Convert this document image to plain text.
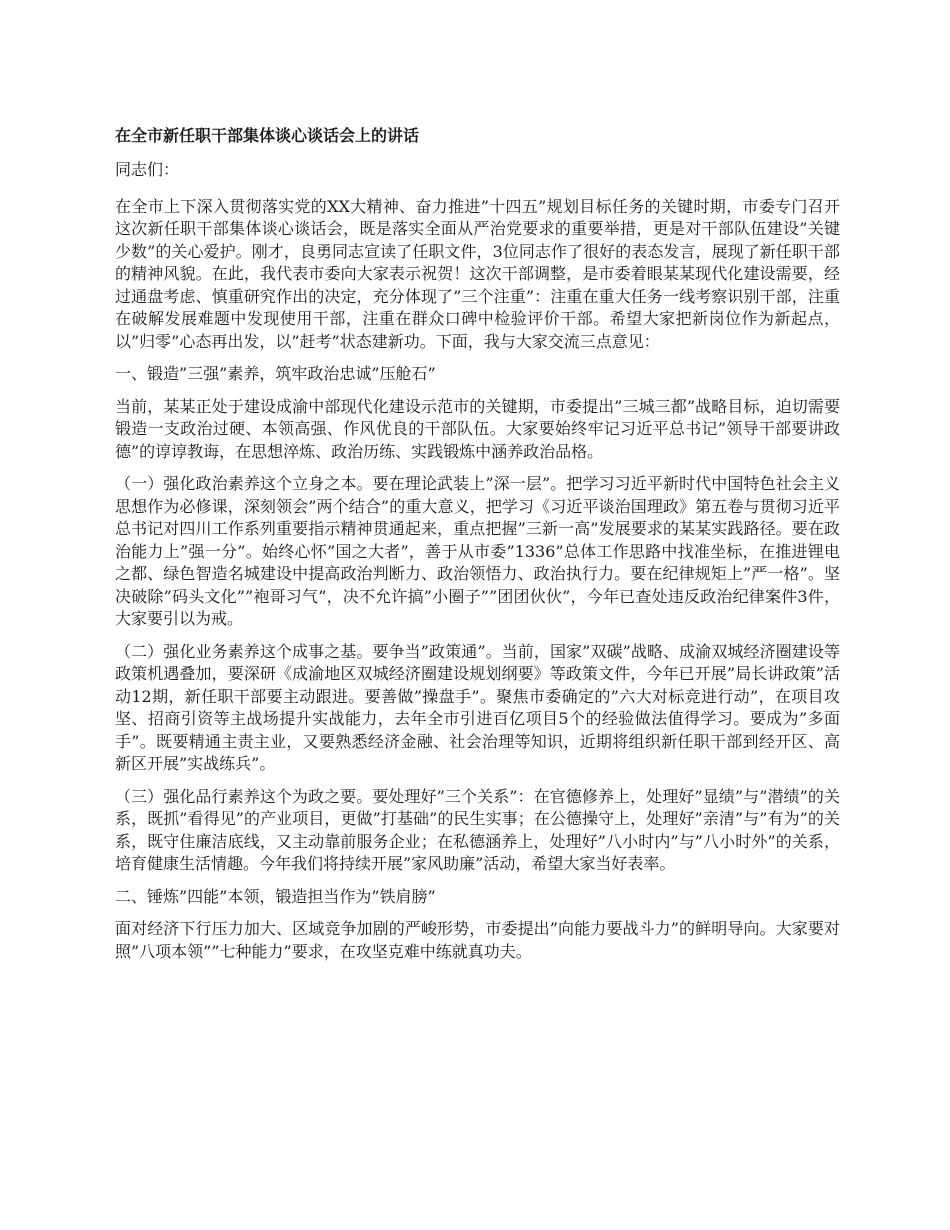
在全市新任职干部集体谈心谈话会上的讲话
同志们：
在全市上下深入贯彻落实党的XX大精神、奋力推进”十四五”规划目标任务的关键时期，市委专门召开这次新任职干部集体谈心谈话会，既是落实全面从严治党要求的重要举措，更是对干部队伍建设”关键少数”的关心爱护。刚才，良勇同志宣读了任职文件，3位同志作了很好的表态发言，展现了新任职干部的精神风貌。在此，我代表市委向大家表示祝贺！这次干部调整，是市委着眼某某现代化建设需要，经过通盘考虑、慎重研究作出的决定，充分体现了”三个注重”：注重在重大任务一线考察识别干部，注重在破解发展难题中发现使用干部，注重在群众口碑中检验评价干部。希望大家把新岗位作为新起点，以”归零”心态再出发，以”赶考”状态建新功。下面，我与大家交流三点意见：
一、锻造”三强”素养，筑牢政治忠诚”压舱石”
当前，某某正处于建设成渝中部现代化建设示范市的关键期，市委提出”三城三都”战略目标，迫切需要锻造一支政治过硬、本领高强、作风优良的干部队伍。大家要始终牢记习近平总书记”领导干部要讲政德”的谆谆教诲，在思想淬炼、政治历练、实践锻炼中涵养政治品格。
（一）强化政治素养这个立身之本。要在理论武装上”深一层”。把学习习近平新时代中国特色社会主义思想作为必修课，深刻领会”两个结合”的重大意义，把学习《习近平谈治国理政》第五卷与贯彻习近平总书记对四川工作系列重要指示精神贯通起来，重点把握”三新一高”发展要求的某某实践路径。要在政治能力上”强一分”。始终心怀”国之大者”，善于从市委”1336”总体工作思路中找准坐标，在推进锂电之都、绿色智造名城建设中提高政治判断力、政治领悟力、政治执行力。要在纪律规矩上”严一格”。坚决破除”码头文化””袍哥习气”，决不允许搞”小圈子””团团伙伙”，今年已查处违反政治纪律案件3件，大家要引以为戒。
（二）强化业务素养这个成事之基。要争当”政策通”。当前，国家”双碳”战略、成渝双城经济圈建设等政策机遇叠加，要深研《成渝地区双城经济圈建设规划纲要》等政策文件，今年已开展”局长讲政策”活动12期，新任职干部要主动跟进。要善做”操盘手”。聚焦市委确定的”六大对标竞进行动”，在项目攻坚、招商引资等主战场提升实战能力，去年全市引进百亿项目5个的经验做法值得学习。要成为”多面手”。既要精通主责主业，又要熟悉经济金融、社会治理等知识，近期将组织新任职干部到经开区、高新区开展”实战练兵”。
（三）强化品行素养这个为政之要。要处理好”三个关系”：在官德修养上，处理好”显绩”与”潜绩”的关系，既抓”看得见”的产业项目，更做”打基础”的民生实事；在公德操守上，处理好”亲清”与”有为”的关系，既守住廉洁底线，又主动靠前服务企业；在私德涵养上，处理好”八小时内”与”八小时外”的关系，培育健康生活情趣。今年我们将持续开展”家风助廉”活动，希望大家当好表率。
二、锤炼”四能”本领，锻造担当作为”铁肩膀”
面对经济下行压力加大、区域竞争加剧的严峻形势，市委提出”向能力要战斗力”的鲜明导向。大家要对照”八项本领””七种能力”要求，在攻坚克难中练就真功夫。
